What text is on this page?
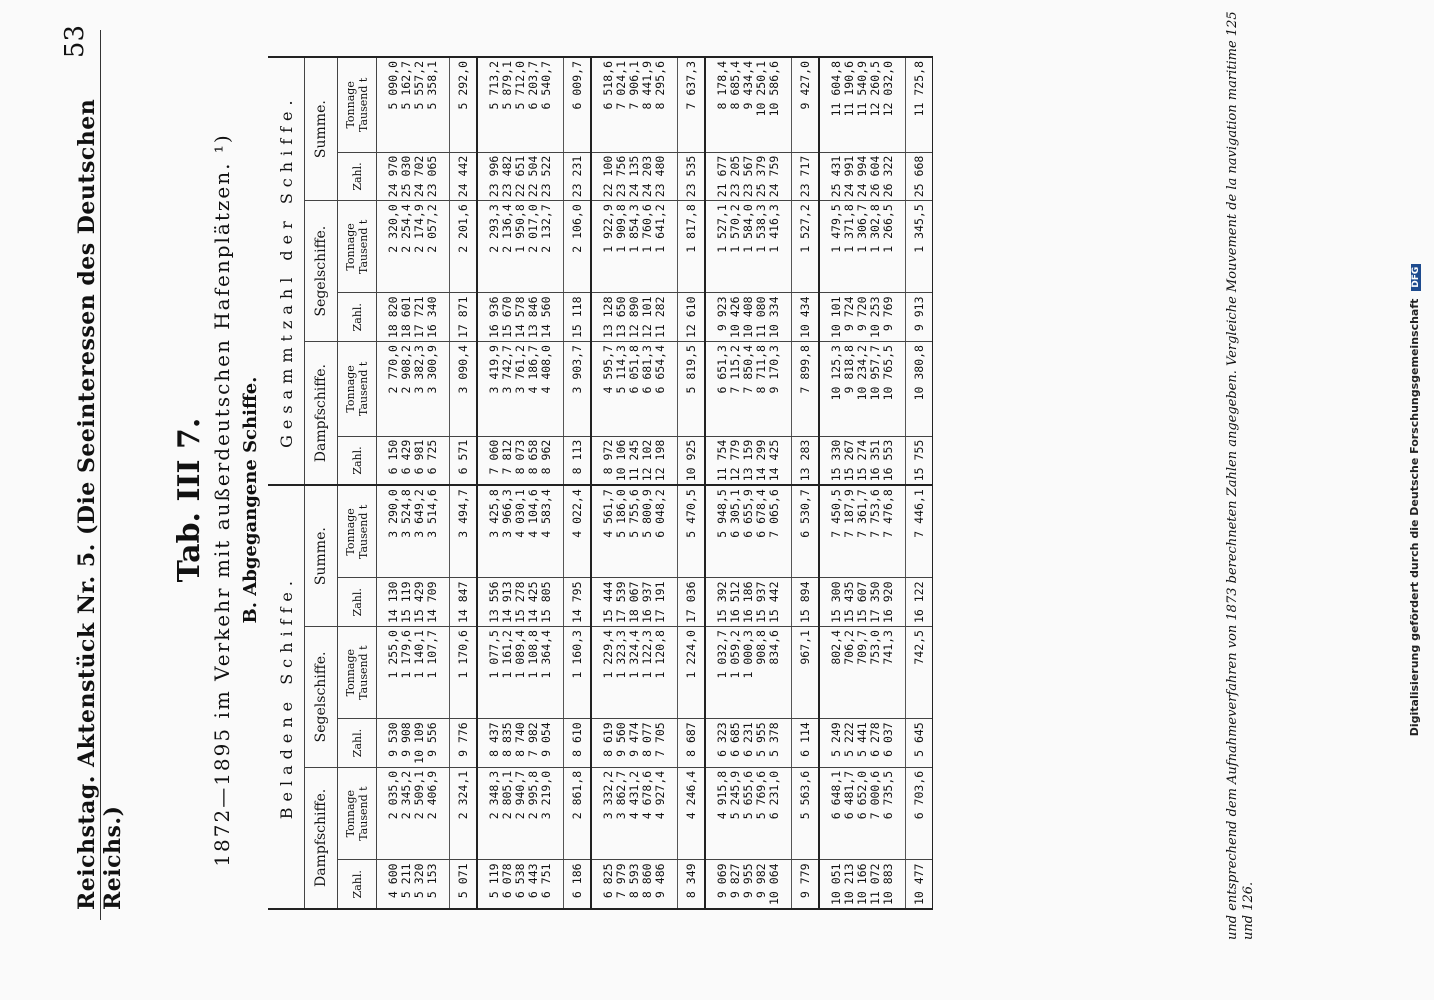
Reichstag. Aktenstück Nr. 5. (Die Seeinteressen des Deutschen Reichs.)
53
Tab. III 7. 1872—1895 im Verkehr mit außerdeutschen Hafenplätzen. ¹) B. Abgegangene Schiffe.
Beladene Schiffe.						Gesammtzahl der Schiffe.					
Dampfschiffe.		Segelschiffe.		Summe.		Dampfschiffe.		Segelschiffe.		Summe.	
Zahl.	Tonnage Tausend t	Zahl.	Tonnage Tausend t	Zahl.	Tonnage Tausend t	Zahl.	Tonnage Tausend t	Zahl.	Tonnage Tausend t	Zahl.	Tonnage Tausend t

4 600	2 035,0	9 530	1 255,0	14 130	3 290,0	6 150	2 770,0	18 820	2 320,0	24 970	5 090,0
5 211	2 345,2	9 908	1 179,6	15 119	3 524,8	6 429	2 908,2	18 601	2 254,4	25 030	5 162,7
5 320	2 509,1	10 109	1 140,1	15 429	3 649,2	6 981	3 382,3	17 721	2 174,9	24 702	5 557,2
5 153	2 406,9	9 556	1 107,7	14 709	3 514,6	6 725	3 300,9	16 340	2 057,2	23 065	5 358,1

5 071	2 324,1	9 776	1 170,6	14 847	3 494,7	6 571	3 090,4	17 871	2 201,6	24 442	5 292,0

5 119	2 348,3	8 437	1 077,5	13 556	3 425,8	7 060	3 419,9	16 936	2 293,3	23 996	5 713,2
6 078	2 805,1	8 835	1 161,2	14 913	3 966,3	7 812	3 742,7	15 670	2 136,4	23 482	5 879,1
6 538	2 940,7	8 740	1 089,4	15 278	4 030,1	8 073	3 761,2	14 578	1 950,8	22 651	5 712,0
6 443	2 995,8	7 982	1 108,8	14 425	4 104,6	8 658	4 186,7	13 846	2 017,0	22 504	6 203,7
6 751	3 219,0	9 054	1 364,4	15 805	4 583,4	8 962	4 408,0	14 560	2 132,7	23 522	6 540,7

6 186	2 861,8	8 610	1 160,3	14 795	4 022,4	8 113	3 903,7	15 118	2 106,0	23 231	6 009,7

6 825	3 332,2	8 619	1 229,4	15 444	4 561,7	8 972	4 595,7	13 128	1 922,9	22 100	6 518,6
7 979	3 862,7	9 560	1 323,3	17 539	5 186,0	10 106	5 114,3	13 650	1 909,8	23 756	7 024,1
8 593	4 431,2	9 474	1 324,4	18 067	5 755,6	11 245	6 051,8	12 890	1 854,3	24 135	7 906,1
8 860	4 678,6	8 077	1 122,3	16 937	5 800,9	12 102	6 681,3	12 101	1 760,6	24 203	8 441,9
9 486	4 927,4	7 705	1 120,8	17 191	6 048,2	12 198	6 654,4	11 282	1 641,2	23 480	8 295,6

8 349	4 246,4	8 687	1 224,0	17 036	5 470,5	10 925	5 819,5	12 610	1 817,8	23 535	7 637,3

9 069	4 915,8	6 323	1 032,7	15 392	5 948,5	11 754	6 651,3	9 923	1 527,1	21 677	8 178,4
9 827	5 245,9	6 685	1 059,2	16 512	6 305,1	12 779	7 115,2	10 426	1 570,2	23 205	8 685,4
9 955	5 655,6	6 231	1 000,3	16 186	6 655,9	13 159	7 850,4	10 408	1 584,0	23 567	9 434,4
9 982	5 769,6	5 955	908,8	15 937	6 678,4	14 299	8 711,8	11 080	1 538,3	25 379	10 250,1
10 064	6 231,0	5 378	834,6	15 442	7 065,6	14 425	9 170,3	10 334	1 416,3	24 759	10 586,6

9 779	5 563,6	6 114	967,1	15 894	6 530,7	13 283	7 899,8	10 434	1 527,2	23 717	9 427,0

10 051	6 648,1	5 249	802,4	15 300	7 450,5	15 330	10 125,3	10 101	1 479,5	25 431	11 604,8
10 213	6 481,7	5 222	706,2	15 435	7 187,9	15 267	9 818,8	9 724	1 371,8	24 991	11 190,6
10 166	6 652,0	5 441	709,7	15 607	7 361,7	15 274	10 234,2	9 720	1 306,7	24 994	11 540,9
11 072	7 000,6	6 278	753,0	17 350	7 753,6	16 351	10 957,7	10 253	1 302,8	26 604	12 260,5
10 883	6 735,5	6 037	741,3	16 920	7 476,8	16 553	10 765,5	9 769	1 266,5	26 322	12 032,0

10 477	6 703,6	5 645	742,5	16 122	7 446,1	15 755	10 380,8	9 913	1 345,5	25 668	11 725,8	und entsprechend dem Aufnahmeverfahren von 1873 berechneten Zahlen angegeben. Vergleiche Mouvement de la navigation maritime 125 und 126.
Digitalisierung gefördert durch die Deutsche Forschungsgemeinschaft DFG
